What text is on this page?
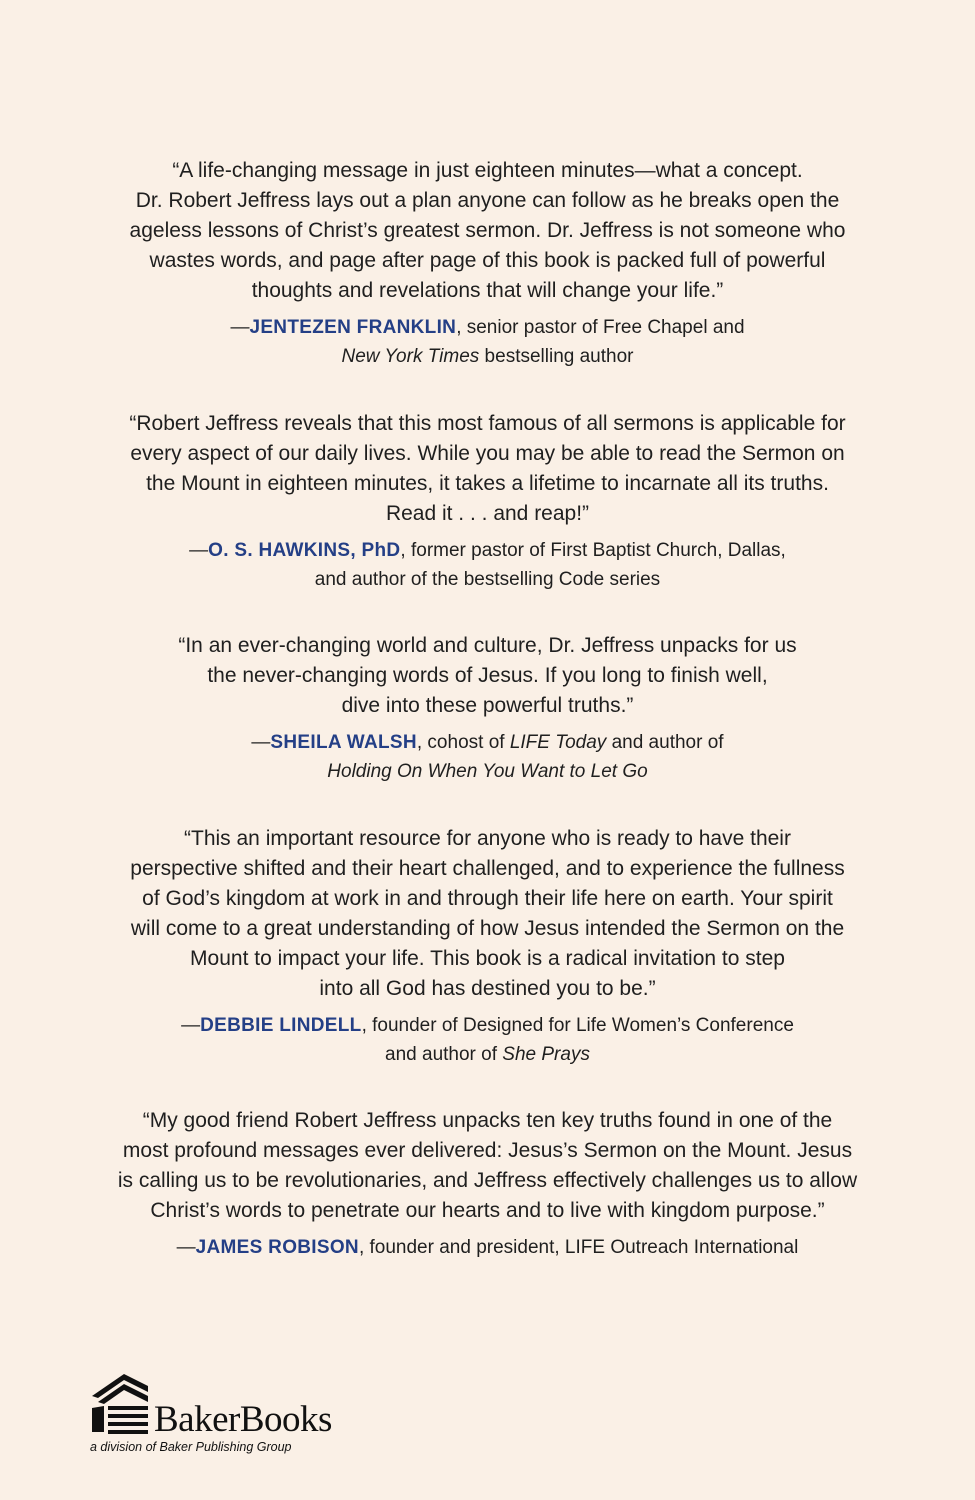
“A life-changing message in just eighteen minutes—what a concept.
Dr. Robert Jeffress lays out a plan anyone can follow as he breaks open the
ageless lessons of Christ’s greatest sermon. Dr. Jeffress is not someone who
wastes words, and page after page of this book is packed full of powerful
thoughts and revelations that will change your life.”

—JENTEZEN FRANKLIN, senior pastor of Free Chapel and
New York Times bestselling author

“Robert Jeffress reveals that this most famous of all sermons is applicable for
every aspect of our daily lives. While you may be able to read the Sermon on
the Mount in eighteen minutes, it takes a lifetime to incarnate all its truths.
Read it . . . and reap!”

—O. S. HAWKINS, PhD, former pastor of First Baptist Church, Dallas,
and author of the bestselling Code series

“In an ever-changing world and culture, Dr. Jeffress unpacks for us
the never-changing words of Jesus. If you long to finish well,
dive into these powerful truths.”

—SHEILA WALSH, cohost of LIFE Today and author of
Holding On When You Want to Let Go

“This an important resource for anyone who is ready to have their
perspective shifted and their heart challenged, and to experience the fullness
of God’s kingdom at work in and through their life here on earth. Your spirit
will come to a great understanding of how Jesus intended the Sermon on the
Mount to impact your life. This book is a radical invitation to step
into all God has destined you to be.”

—DEBBIE LINDELL, founder of Designed for Life Women’s Conference
and author of She Prays

“My good friend Robert Jeffress unpacks ten key truths found in one of the
most profound messages ever delivered: Jesus’s Sermon on the Mount. Jesus
is calling us to be revolutionaries, and Jeffress effectively challenges us to allow
Christ’s words to penetrate our hearts and to live with kingdom purpose.”

—JAMES ROBISON, founder and president, LIFE Outreach International

BakerBooks
a division of Baker Publishing Group
